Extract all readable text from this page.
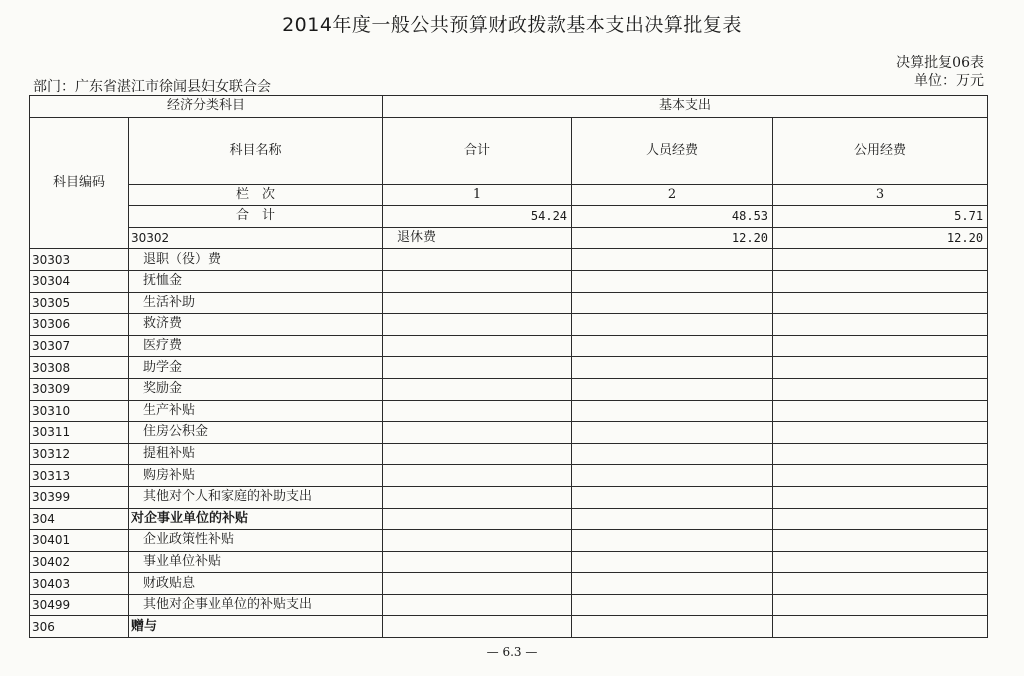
2014年度一般公共预算财政拨款基本支出决算批复表
决算批复06表
单位：万元
部门：广东省湛江市徐闻县妇女联合会
经济分类科目		基本支出			
科目编码	科目名称	合计	人员经费	公用经费	
	栏　次	1	2	3	
	合　计	54.24	48.53	5.71	
	30302	退休费	12.20	12.20	
30303	退职（役）费				
30304	抚恤金				
30305	生活补助				
30306	救济费				
30307	医疗费				
30308	助学金				
30309	奖励金				
30310	生产补贴				
30311	住房公积金				
30312	提租补贴				
30313	购房补贴				
30399	其他对个人和家庭的补助支出				
304	对企事业单位的补贴				
30401	企业政策性补贴				
30402	事业单位补贴				
30403	财政贴息				
30499	其他对企事业单位的补贴支出				
306	赠与				
— 6.3 —
